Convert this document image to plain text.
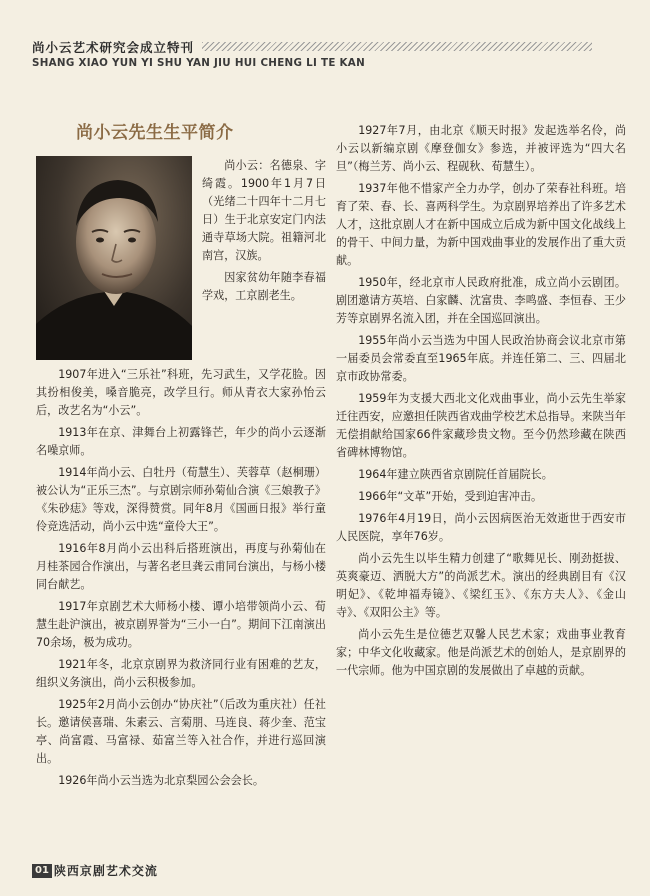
尚小云艺术研究会成立特刊
SHANG XIAO YUN YI SHU YAN JIU HUI CHENG LI TE KAN
尚小云先生生平简介

尚小云：名德泉、字绮霞。1900年1月7日（光绪二十四年十二月七日）生于北京安定门内法通寺草场大院。祖籍河北南宫，汉族。

因家贫幼年随李春福学戏，工京剧老生。

1907年进入“三乐社”科班，先习武生，又学花脸。因其扮相俊美，嗓音脆亮，改学旦行。师从青衣大家孙怡云后，改艺名为“小云”。

1913年在京、津舞台上初露锋芒，年少的尚小云逐渐名噪京师。

1914年尚小云、白牡丹（荀慧生）、芙蓉草（赵桐珊）被公认为“正乐三杰”。与京剧宗师孙菊仙合演《三娘教子》《朱砂痣》等戏，深得赞赏。同年8月《国画日报》举行童伶竞选活动，尚小云中选“童伶大王”。

1916年8月尚小云出科后搭班演出，再度与孙菊仙在月桂茶园合作演出，与著名老旦龚云甫同台演出，与杨小楼同台献艺。

1917年京剧艺术大师杨小楼、谭小培带领尚小云、荀慧生赴沪演出，被京剧界誉为“三小一白”。期间下江南演出70余场，极为成功。

1921年冬，北京京剧界为救济同行业有困难的艺友，组织义务演出，尚小云积极参加。

1925年2月尚小云创办“协庆社”（后改为重庆社）任社长。邀请侯喜瑞、朱素云、言菊朋、马连良、蒋少奎、范宝亭、尚富霞、马富禄、茹富兰等入社合作，并进行巡回演出。

1926年尚小云当选为北京梨园公会会长。

1927年7月，由北京《顺天时报》发起选举名伶，尚小云以新编京剧《摩登伽女》参选，并被评选为“四大名旦”（梅兰芳、尚小云、程砚秋、荀慧生）。

1937年他不惜家产全力办学，创办了荣春社科班。培育了荣、春、长、喜两科学生。为京剧界培养出了许多艺术人才，这批京剧人才在新中国成立后成为新中国文化战线上的骨干、中间力量，为新中国戏曲事业的发展作出了重大贡献。

1950年，经北京市人民政府批准，成立尚小云剧团。剧团邀请方英培、白家麟、沈富贵、李鸣盛、李恒春、王少芳等京剧界名流入团，并在全国巡回演出。

1955年尚小云当选为中国人民政治协商会议北京市第一届委员会常委直至1965年底。并连任第二、三、四届北京市政协常委。

1959年为支援大西北文化戏曲事业，尚小云先生举家迁往西安，应邀担任陕西省戏曲学校艺术总指导。来陕当年无偿捐献给国家66件家藏珍贵文物。至今仍然珍藏在陕西省碑林博物馆。

1964年建立陕西省京剧院任首届院长。

1966年“文革”开始，受到迫害冲击。

1976年4月19日，尚小云因病医治无效逝世于西安市人民医院，享年76岁。

尚小云先生以毕生精力创建了“歌舞见长、刚劲挺拔、英爽豪迈、洒脱大方”的尚派艺术。演出的经典剧目有《汉明妃》、《乾坤福寿镜》、《梁红玉》、《东方夫人》、《金山寺》、《双阳公主》等。

尚小云先生是位德艺双馨人民艺术家；戏曲事业教育家；中华文化收藏家。他是尚派艺术的创始人，是京剧界的一代宗师。他为中国京剧的发展做出了卓越的贡献。

01 陕西京剧艺术交流
